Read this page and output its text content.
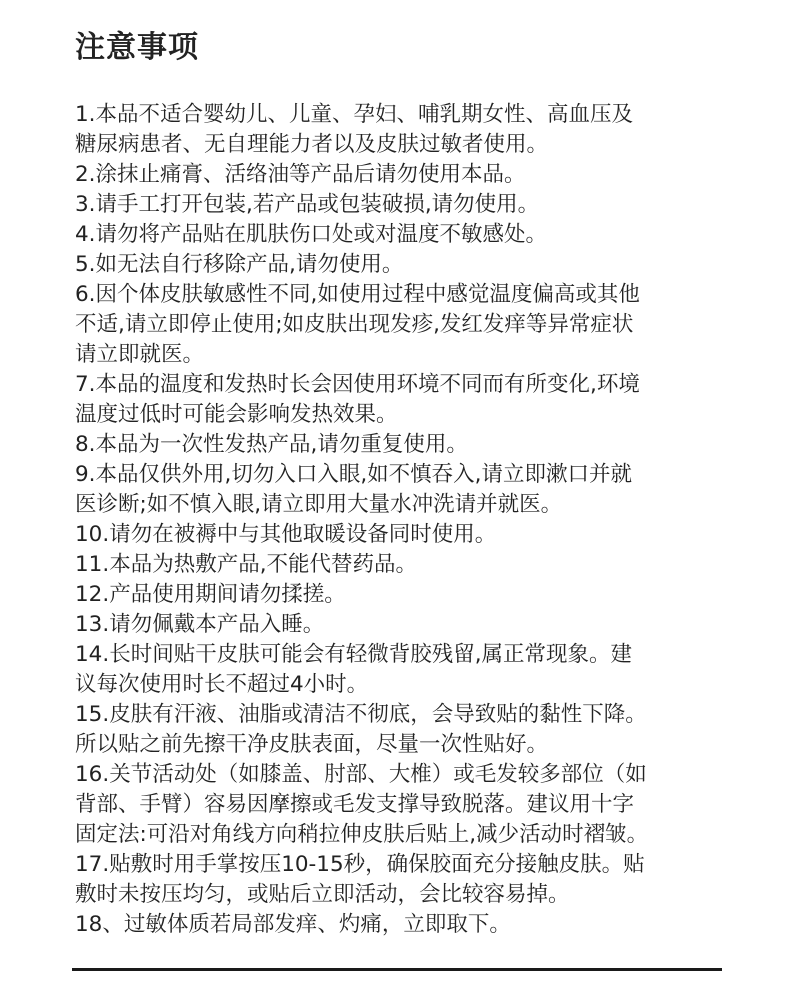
注意事项
1.本品不适合婴幼儿、儿童、孕妇、哺乳期女性、高血压及
糖尿病患者、无自理能力者以及皮肤过敏者使用。
2.涂抹止痛膏、活络油等产品后请勿使用本品。
3.请手工打开包装,若产品或包装破损,请勿使用。
4.请勿将产品贴在肌肤伤口处或对温度不敏感处。
5.如无法自行移除产品,请勿使用。
6.因个体皮肤敏感性不同,如使用过程中感觉温度偏高或其他
不适,请立即停止使用;如皮肤出现发疹,发红发痒等异常症状
请立即就医。
7.本品的温度和发热时长会因使用环境不同而有所变化,环境
温度过低时可能会影响发热效果。
8.本品为一次性发热产品,请勿重复使用。
9.本品仅供外用,切勿入口入眼,如不慎吞入,请立即漱口并就
医诊断;如不慎入眼,请立即用大量水冲洗请并就医。
10.请勿在被褥中与其他取暖设备同时使用。
11.本品为热敷产品,不能代替药品。
12.产品使用期间请勿揉搓。
13.请勿佩戴本产品入睡。
14.长时间贴干皮肤可能会有轻微背胶残留,属正常现象。建
议每次使用时长不超过4小时。
15.皮肤有汗液、油脂或清洁不彻底，会导致贴的黏性下降。
所以贴之前先擦干净皮肤表面，尽量一次性贴好。
16.关节活动处（如膝盖、肘部、大椎）或毛发较多部位（如
背部、手臂）容易因摩擦或毛发支撑导致脱落。建议用十字
固定法:可沿对角线方向稍拉伸皮肤后贴上,减少活动时褶皱。
17.贴敷时用手掌按压10-15秒，确保胶面充分接触皮肤。贴
敷时未按压均匀，或贴后立即活动，会比较容易掉。
18、过敏体质若局部发痒、灼痛，立即取下。
